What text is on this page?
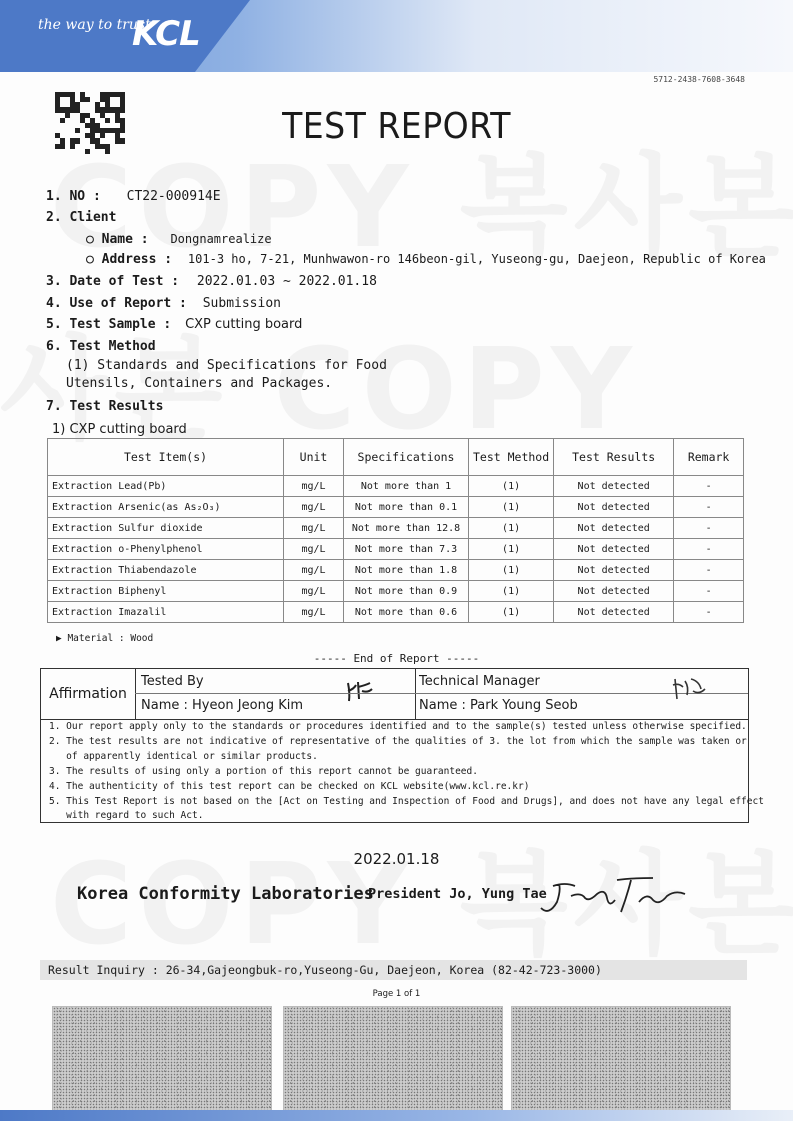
the way to trust
KCL
5712-2438-7608-3648
TEST REPORT
1. NO : CT22-000914E
2. Client
○ Name : Dongnamrealize
○ Address : 101-3 ho, 7-21, Munhwawon-ro 146beon-gil, Yuseong-gu, Daejeon, Republic of Korea
3. Date of Test : 2022.01.03 ~ 2022.01.18
4. Use of Report : Submission
5. Test Sample : CXP cutting board
6. Test Method
(1) Standards and Specifications for Food
Utensils, Containers and Packages.
7. Test Results
1) CXP cutting board
Test Item(s)	Unit	Specifications	Test Method	Test Results	Remark
Extraction Lead(Pb)	mg/L	Not more than 1	(1)	Not detected	-
Extraction Arsenic(as As₂O₃)	mg/L	Not more than 0.1	(1)	Not detected	-
Extraction Sulfur dioxide	mg/L	Not more than 12.8	(1)	Not detected	-
Extraction o-Phenylphenol	mg/L	Not more than 7.3	(1)	Not detected	-
Extraction Thiabendazole	mg/L	Not more than 1.8	(1)	Not detected	-
Extraction Biphenyl	mg/L	Not more than 0.9	(1)	Not detected	-
Extraction Imazalil	mg/L	Not more than 0.6	(1)	Not detected	-
▶ Material : Wood
----- End of Report -----
Affirmation
Tested By
Name : Hyeon Jeong Kim
Technical Manager
Name : Park Young Seob
1. Our report apply only to the standards or procedures identified and to the sample(s) tested unless otherwise specified.
2. The test results are not indicative of representative of the qualities of 3. the lot from which the sample was taken or
of apparently identical or similar products.
3. The results of using only a portion of this report cannot be guaranteed.
4. The authenticity of this test report can be checked on KCL website(www.kcl.re.kr)
5. This Test Report is not based on the [Act on Testing and Inspection of Food and Drugs], and does not have any legal effect
with regard to such Act.
2022.01.18
Korea Conformity Laboratories
President Jo, Yung Tae
Result Inquiry : 26-34,Gajeongbuk-ro,Yuseong-Gu, Daejeon, Korea (82-42-723-3000)
Page 1 of 1
